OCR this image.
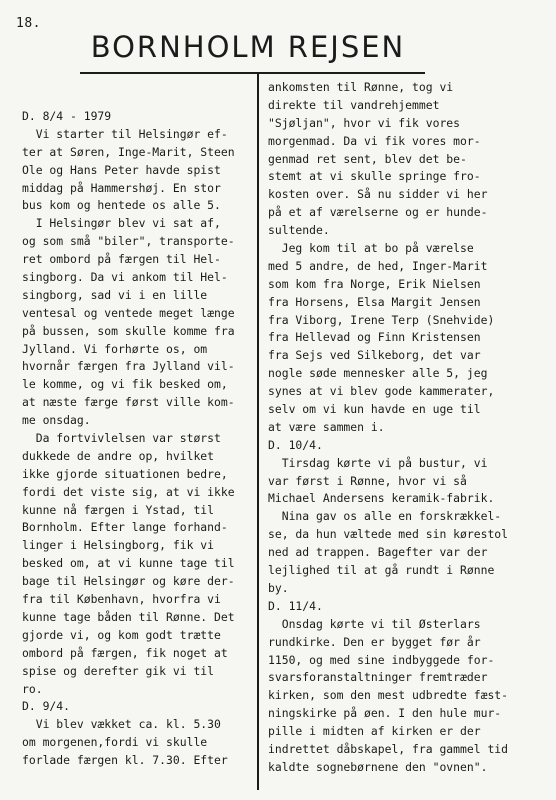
18.
BORNHOLM REJSEN
D. 8/4 - 1979
Vi starter til Helsingør ef-
ter at Søren, Inge-Marit, Steen
Ole og Hans Peter havde spist
middag på Hammershøj. En stor
bus kom og hentede os alle 5.
I Helsingør blev vi sat af,
og som små "biler", transporte-
ret ombord på færgen til Hel-
singborg. Da vi ankom til Hel-
singborg, sad vi i en lille
ventesal og ventede meget længe
på bussen, som skulle komme fra
Jylland. Vi forhørte os, om
hvornår færgen fra Jylland vil-
le komme, og vi fik besked om,
at næste færge først ville kom-
me onsdag.
Da fortvivlelsen var størst
dukkede de andre op, hvilket
ikke gjorde situationen bedre,
fordi det viste sig, at vi ikke
kunne nå færgen i Ystad, til
Bornholm. Efter lange forhand-
linger i Helsingborg, fik vi
besked om, at vi kunne tage til
bage til Helsingør og køre der-
fra til København, hvorfra vi
kunne tage båden til Rønne. Det
gjorde vi, og kom godt trætte
ombord på færgen, fik noget at
spise og derefter gik vi til
ro.
D. 9/4.
Vi blev vækket ca. kl. 5.30
om morgenen,fordi vi skulle
forlade færgen kl. 7.30. Efter
ankomsten til Rønne, tog vi
direkte til vandrehjemmet
"Sjøljan", hvor vi fik vores
morgenmad. Da vi fik vores mor-
genmad ret sent, blev det be-
stemt at vi skulle springe fro-
kosten over. Så nu sidder vi her
på et af værelserne og er hunde-
sultende.
Jeg kom til at bo på værelse
med 5 andre, de hed, Inger-Marit
som kom fra Norge, Erik Nielsen
fra Horsens, Elsa Margit Jensen
fra Viborg, Irene Terp (Snehvide)
fra Hellevad og Finn Kristensen
fra Sejs ved Silkeborg, det var
nogle søde mennesker alle 5, jeg
synes at vi blev gode kammerater,
selv om vi kun havde en uge til
at være sammen i.
D. 10/4.
Tirsdag kørte vi på bustur, vi
var først i Rønne, hvor vi så
Michael Andersens keramik-fabrik.
Nina gav os alle en forskrækkel-
se, da hun væltede med sin kørestol
ned ad trappen. Bagefter var der
lejlighed til at gå rundt i Rønne
by.
D. 11/4.
Onsdag kørte vi til Østerlars
rundkirke. Den er bygget før år
1150, og med sine indbyggede for-
svarsforanstaltninger fremtræder
kirken, som den mest udbredte fæst-
ningskirke på øen. I den hule mur-
pille i midten af kirken er der
indrettet dåbskapel, fra gammel tid
kaldte sognebørnene den "ovnen".
